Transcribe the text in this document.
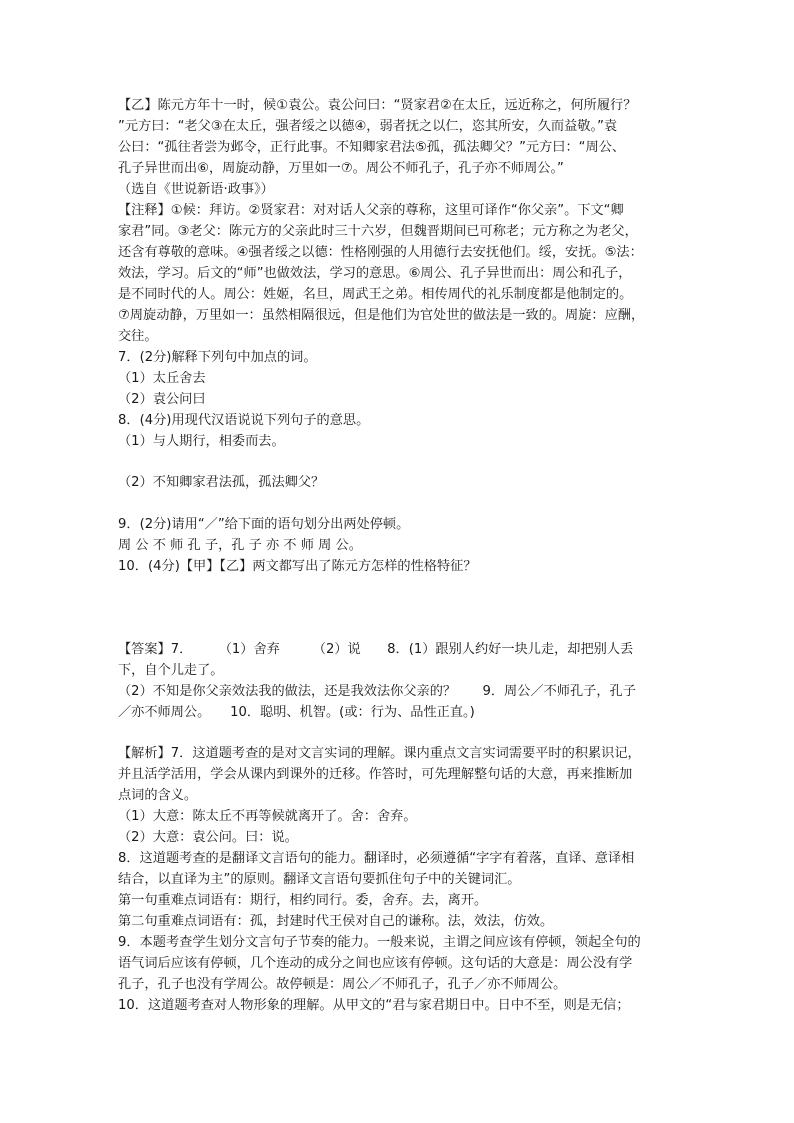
【乙】陈元方年十一时，候①袁公。袁公问曰：“贤家君②在太丘，远近称之，何所履行？
”元方曰：“老父③在太丘，强者绥之以德④，弱者抚之以仁，恣其所安，久而益敬。”袁
公曰：“孤往者尝为邺令，正行此事。不知卿家君法⑤孤，孤法卿父？”元方曰：“周公、
孔子异世而出⑥，周旋动静，万里如一⑦。周公不师孔子，孔子亦不师周公。”
（选自《世说新语·政事》）
【注释】①候：拜访。②贤家君：对对话人父亲的尊称，这里可译作“你父亲”。下文“卿
家君”同。③老父：陈元方的父亲此时三十六岁，但魏晋期间已可称老；元方称之为老父，
还含有尊敬的意味。④强者绥之以德：性格刚强的人用德行去安抚他们。绥，安抚。⑤法：
效法，学习。后文的“师”也做效法，学习的意思。⑥周公、孔子异世而出：周公和孔子，
是不同时代的人。周公：姓姬，名旦，周武王之弟。相传周代的礼乐制度都是他制定的。
⑦周旋动静，万里如一：虽然相隔很远，但是他们为官处世的做法是一致的。周旋：应酬，
交往。
7．(2分)解释下列句中加点的词。
（1）太丘舍去
（2）袁公问曰
8．(4分)用现代汉语说说下列句子的意思。
（1）与人期行，相委而去。
（2）不知卿家君法孤，孤法卿父？
9．(2分)请用“／”给下面的语句划分出两处停顿。
周 公 不 师 孔 子，孔 子 亦 不 师 周 公。
10．(4分)【甲】【乙】两文都写出了陈元方怎样的性格特征？
【答案】7．　　　（1）舍弃　　　（2）说　　8．(1）跟别人约好一块儿走，却把别人丢
下，自个儿走了。
（2）不知是你父亲效法我的做法，还是我效法你父亲的？　　9．周公／不师孔子，孔子
／亦不师周公。　　10．聪明、机智。(或：行为、品性正直。)
【解析】7．这道题考查的是对文言实词的理解。课内重点文言实词需要平时的积累识记，
并且活学活用，学会从课内到课外的迁移。作答时，可先理解整句话的大意，再来推断加
点词的含义。
（1）大意：陈太丘不再等候就离开了。舍：舍弃。
（2）大意：袁公问。曰：说。
8．这道题考查的是翻译文言语句的能力。翻译时，必须遵循“字字有着落，直译、意译相
结合，以直译为主”的原则。翻译文言语句要抓住句子中的关键词汇。
第一句重难点词语有：期行，相约同行。委，舍弃。去，离开。
第二句重难点词语有：孤，封建时代王侯对自己的谦称。法，效法，仿效。
9．本题考查学生划分文言句子节奏的能力。一般来说，主谓之间应该有停顿，领起全句的
语气词后应该有停顿，几个连动的成分之间也应该有停顿。这句话的大意是：周公没有学
孔子，孔子也没有学周公。故停顿是：周公／不师孔子，孔子／亦不师周公。
10．这道题考查对人物形象的理解。从甲文的“君与家君期日中。日中不至，则是无信；
